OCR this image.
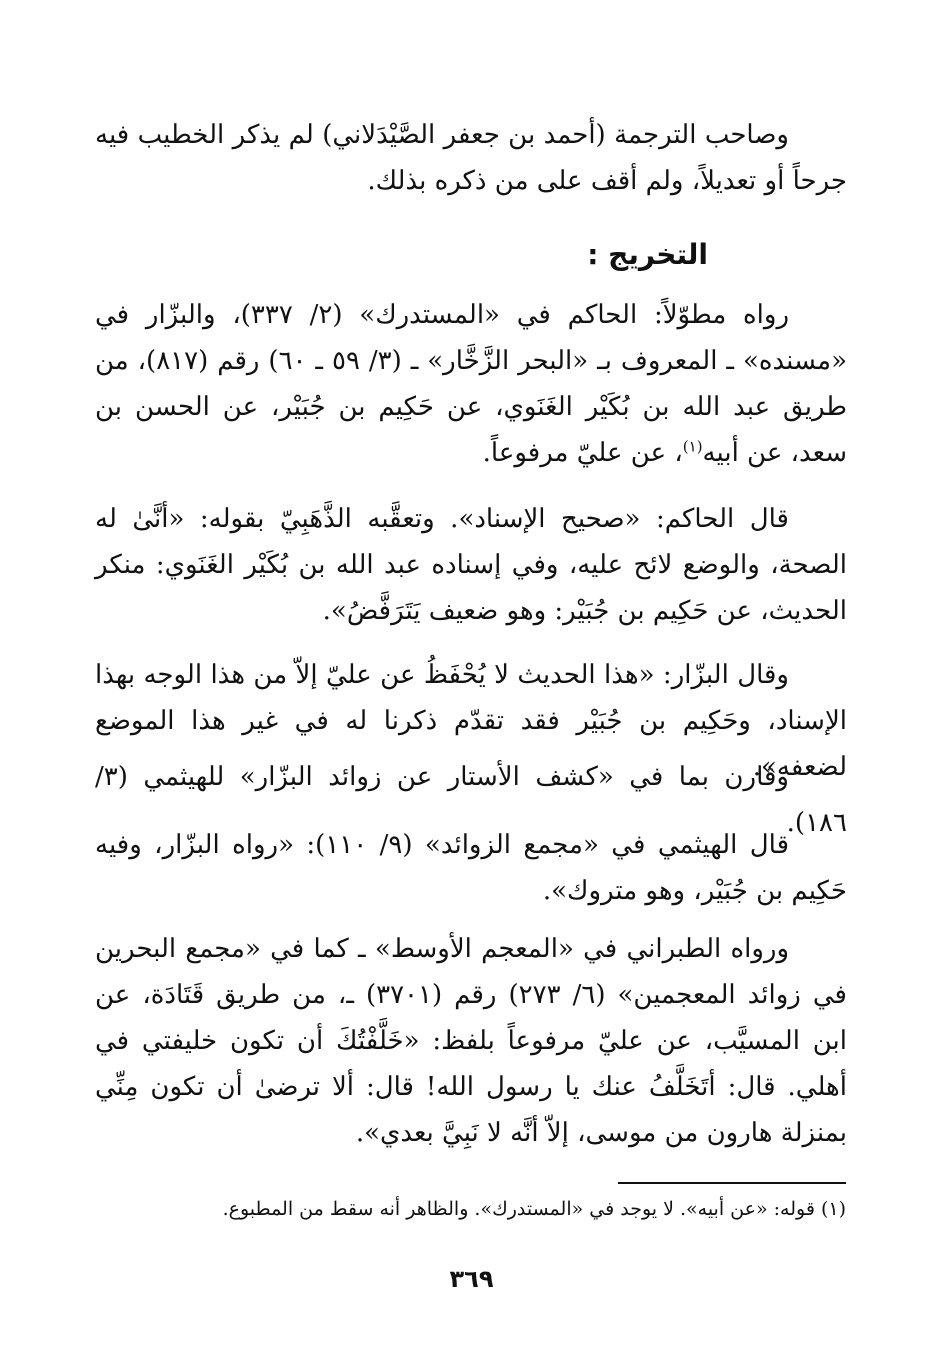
وصاحب الترجمة (أحمد بن جعفر الصَّيْدَلاني) لم يذكر الخطيب فيه جرحاً أو تعديلاً، ولم أقف على من ذكره بذلك.

التخريج :

رواه مطوّلاً: الحاكم في «المستدرك» (٢/ ٣٣٧)، والبزّار في «مسنده» ـ المعروف بـ «البحر الزَّخَّار» ـ (٣/ ٥٩ ـ ٦٠) رقم (٨١٧)، من طريق عبد الله بن بُكَيْر الغَنَوي، عن حَكِيم بن جُبَيْر، عن الحسن بن سعد، عن أبيه$^{(١)}$، عن عليّ مرفوعاً.

قال الحاكم: «صحيح الإسناد». وتعقَّبه الذَّهَبِيّ بقوله: «أنَّىٰ له الصحة، والوضع لائح عليه، وفي إسناده عبد الله بن بُكَيْر الغَنَوي: منكر الحديث، عن حَكِيم بن جُبَيْر: وهو ضعيف يَتَرَفَّضُ».

وقال البزّار: «هذا الحديث لا يُحْفَظُ عن عليّ إلاّ من هذا الوجه بهذا الإسناد، وحَكِيم بن جُبَيْر فقد تقدّم ذكرنا له في غير هذا الموضع لضعفه».

وقارن بما في «كشف الأستار عن زوائد البزّار» للهيثمي (٣/ ١٨٦).

قال الهيثمي في «مجمع الزوائد» (٩/ ١١٠): «رواه البزّار، وفيه حَكِيم بن جُبَيْر، وهو متروك».

ورواه الطبراني في «المعجم الأوسط» ـ كما في «مجمع البحرين في زوائد المعجمين» (٦/ ٢٧٣) رقم (٣٧٠١) ـ، من طريق قَتَادَة، عن ابن المسيَّب، عن عليّ مرفوعاً بلفظ: «خَلَّفْتُكَ أن تكون خليفتي في أهلي. قال: أتَخَلَّفُ عنك يا رسول الله! قال: ألا ترضىٰ أن تكون مِنِّي بمنزلة هارون من موسى، إلاّ أنَّه لا نَبِيَّ بعدي».

(١) قوله: «عن أبيه». لا يوجد في «المستدرك». والظاهر أنه سقط من المطبوع.
٣٦٩
